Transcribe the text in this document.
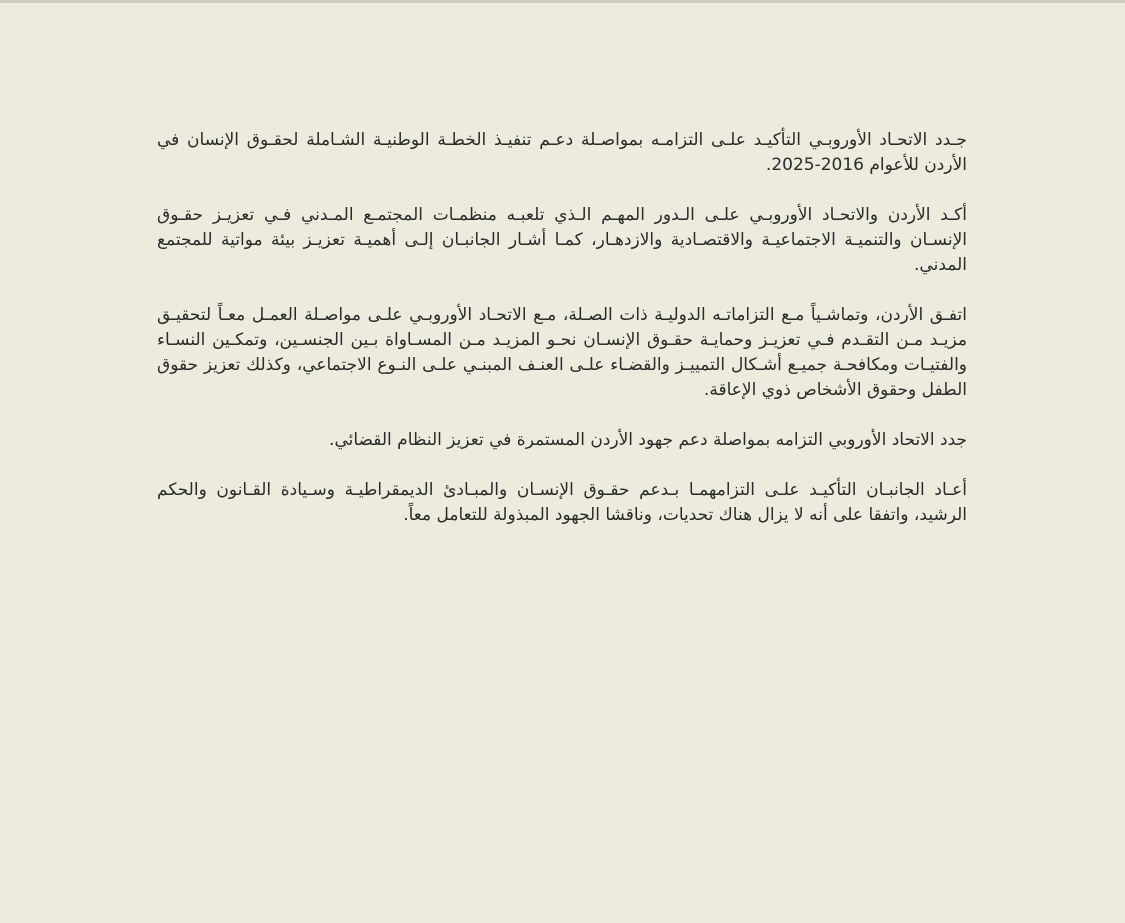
جـدد الاتحـاد الأوروبـي التأكيـد علـى التزامـه بمواصـلة دعـم تنفيـذ الخطـة الوطنيـة الشـاملة لحقـوق الإنسان في الأردن للأعوام 2016-2025.

أكـد الأردن والاتحـاد الأوروبـي علـى الـدور المهـم الـذي تلعبـه منظمـات المجتمـع المـدني فـي تعزيـز حقـوق الإنسـان والتنميـة الاجتماعيـة والاقتصـادية والازدهـار، كمـا أشـار الجانبـان إلـى أهميـة تعزيـز بيئة مواتية للمجتمع المدني.

اتفـق الأردن، وتماشـياً مـع التزاماتـه الدوليـة ذات الصـلة، مـع الاتحـاد الأوروبـي علـى مواصـلة العمـل معـاً لتحقيـق مزيـد مـن التقـدم فـي تعزيـز وحمايـة حقـوق الإنسـان نحـو المزيـد مـن المسـاواة بـين الجنسـين، وتمكـين النسـاء والفتيـات ومكافحـة جميـع أشـكال التمييـز والقضـاء علـى العنـف المبنـي علـى النـوع الاجتماعي، وكذلك تعزيز حقوق الطفل وحقوق الأشخاص ذوي الإعاقة.

جدد الاتحاد الأوروبي التزامه بمواصلة دعم جهود الأردن المستمرة في تعزيز النظام القضائي.

أعـاد الجانبـان التأكيـد علـى التزامهمـا بـدعم حقـوق الإنسـان والمبـادئ الديمقراطيـة وسـيادة القـانون والحكم الرشيد، واتفقا على أنه لا يزال هناك تحديات، وناقشا الجهود المبذولة للتعامل معاً.
